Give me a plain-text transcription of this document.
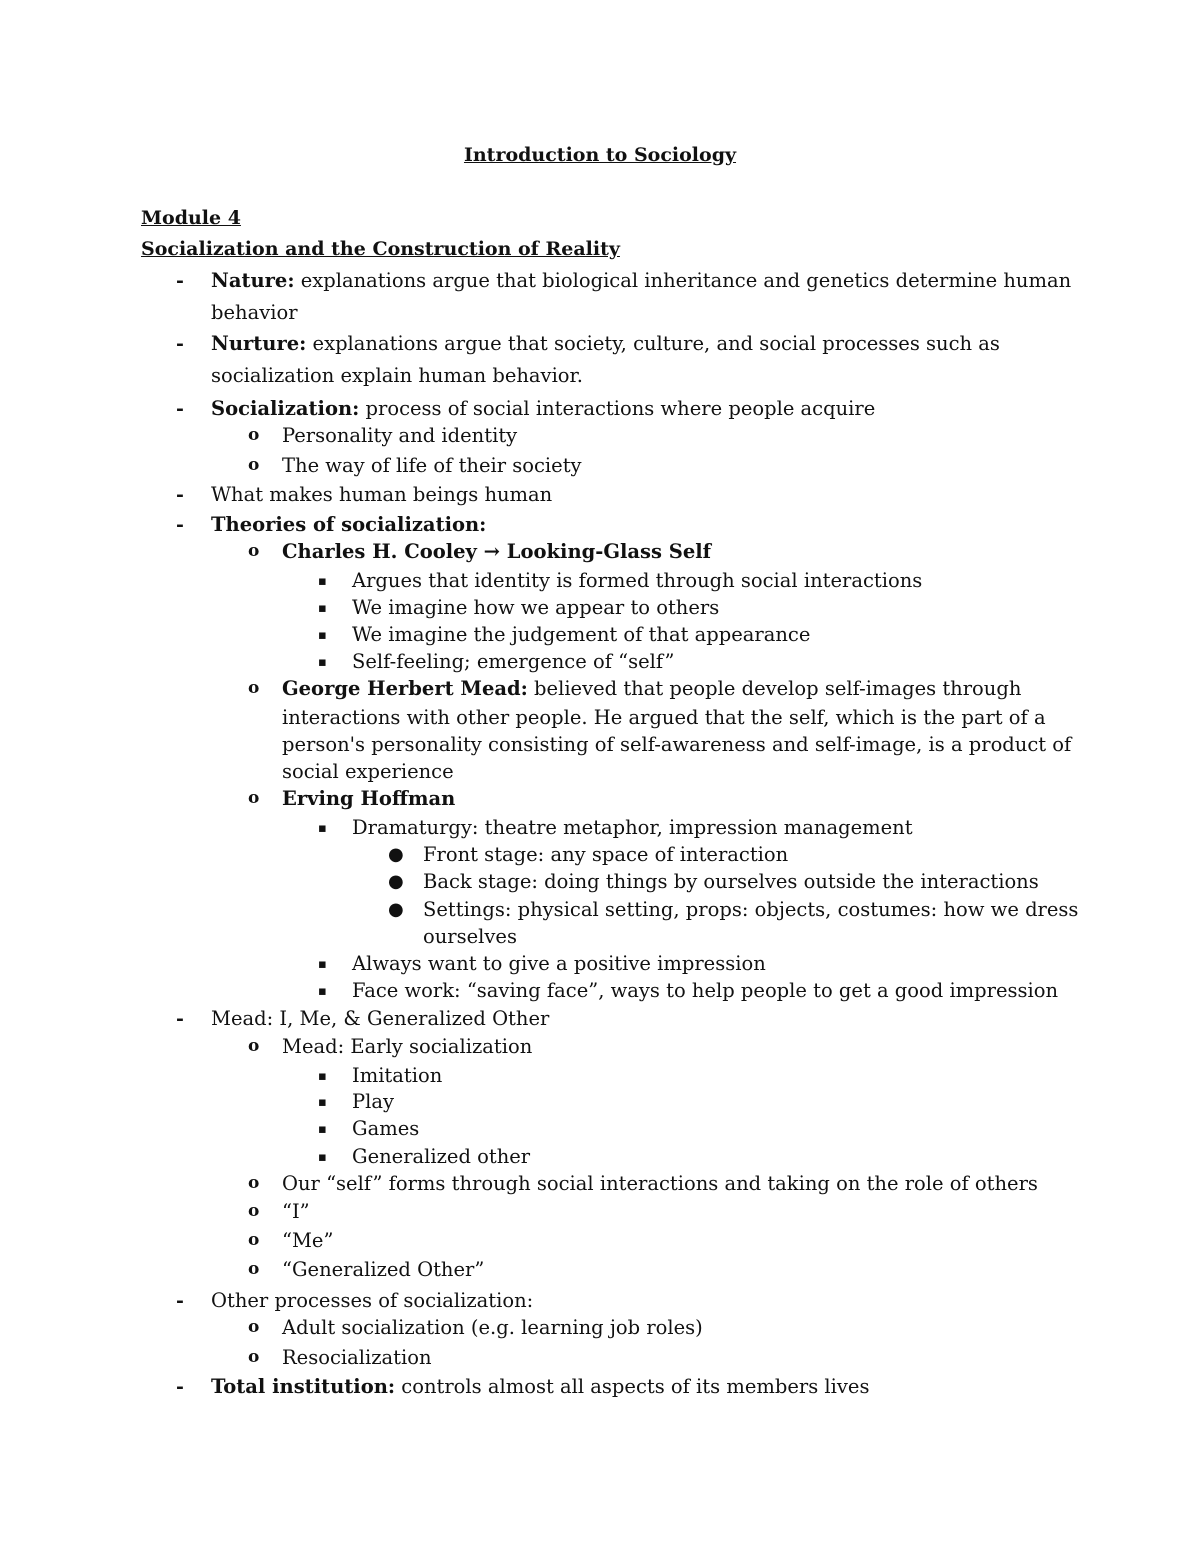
Introduction to Sociology
Module 4
Socialization and the Construction of Reality
- Nature: explanations argue that biological inheritance and genetics determine human
behavior
- Nurture: explanations argue that society, culture, and social processes such as
socialization explain human behavior.
- Socialization: process of social interactions where people acquire
o Personality and identity
o The way of life of their society
- What makes human beings human
- Theories of socialization:
o Charles H. Cooley → Looking-Glass Self
▪ Argues that identity is formed through social interactions
▪ We imagine how we appear to others
▪ We imagine the judgement of that appearance
▪ Self-feeling; emergence of “self”
o George Herbert Mead: believed that people develop self-images through
interactions with other people. He argued that the self, which is the part of a
person's personality consisting of self-awareness and self-image, is a product of
social experience
o Erving Hoffman
▪ Dramaturgy: theatre metaphor, impression management
● Front stage: any space of interaction
● Back stage: doing things by ourselves outside the interactions
● Settings: physical setting, props: objects, costumes: how we dress
ourselves
▪ Always want to give a positive impression
▪ Face work: “saving face”, ways to help people to get a good impression
- Mead: I, Me, & Generalized Other
o Mead: Early socialization
▪ Imitation
▪ Play
▪ Games
▪ Generalized other
o Our “self” forms through social interactions and taking on the role of others
o “I”
o “Me”
o “Generalized Other”
- Other processes of socialization:
o Adult socialization (e.g. learning job roles)
o Resocialization
- Total institution: controls almost all aspects of its members lives
